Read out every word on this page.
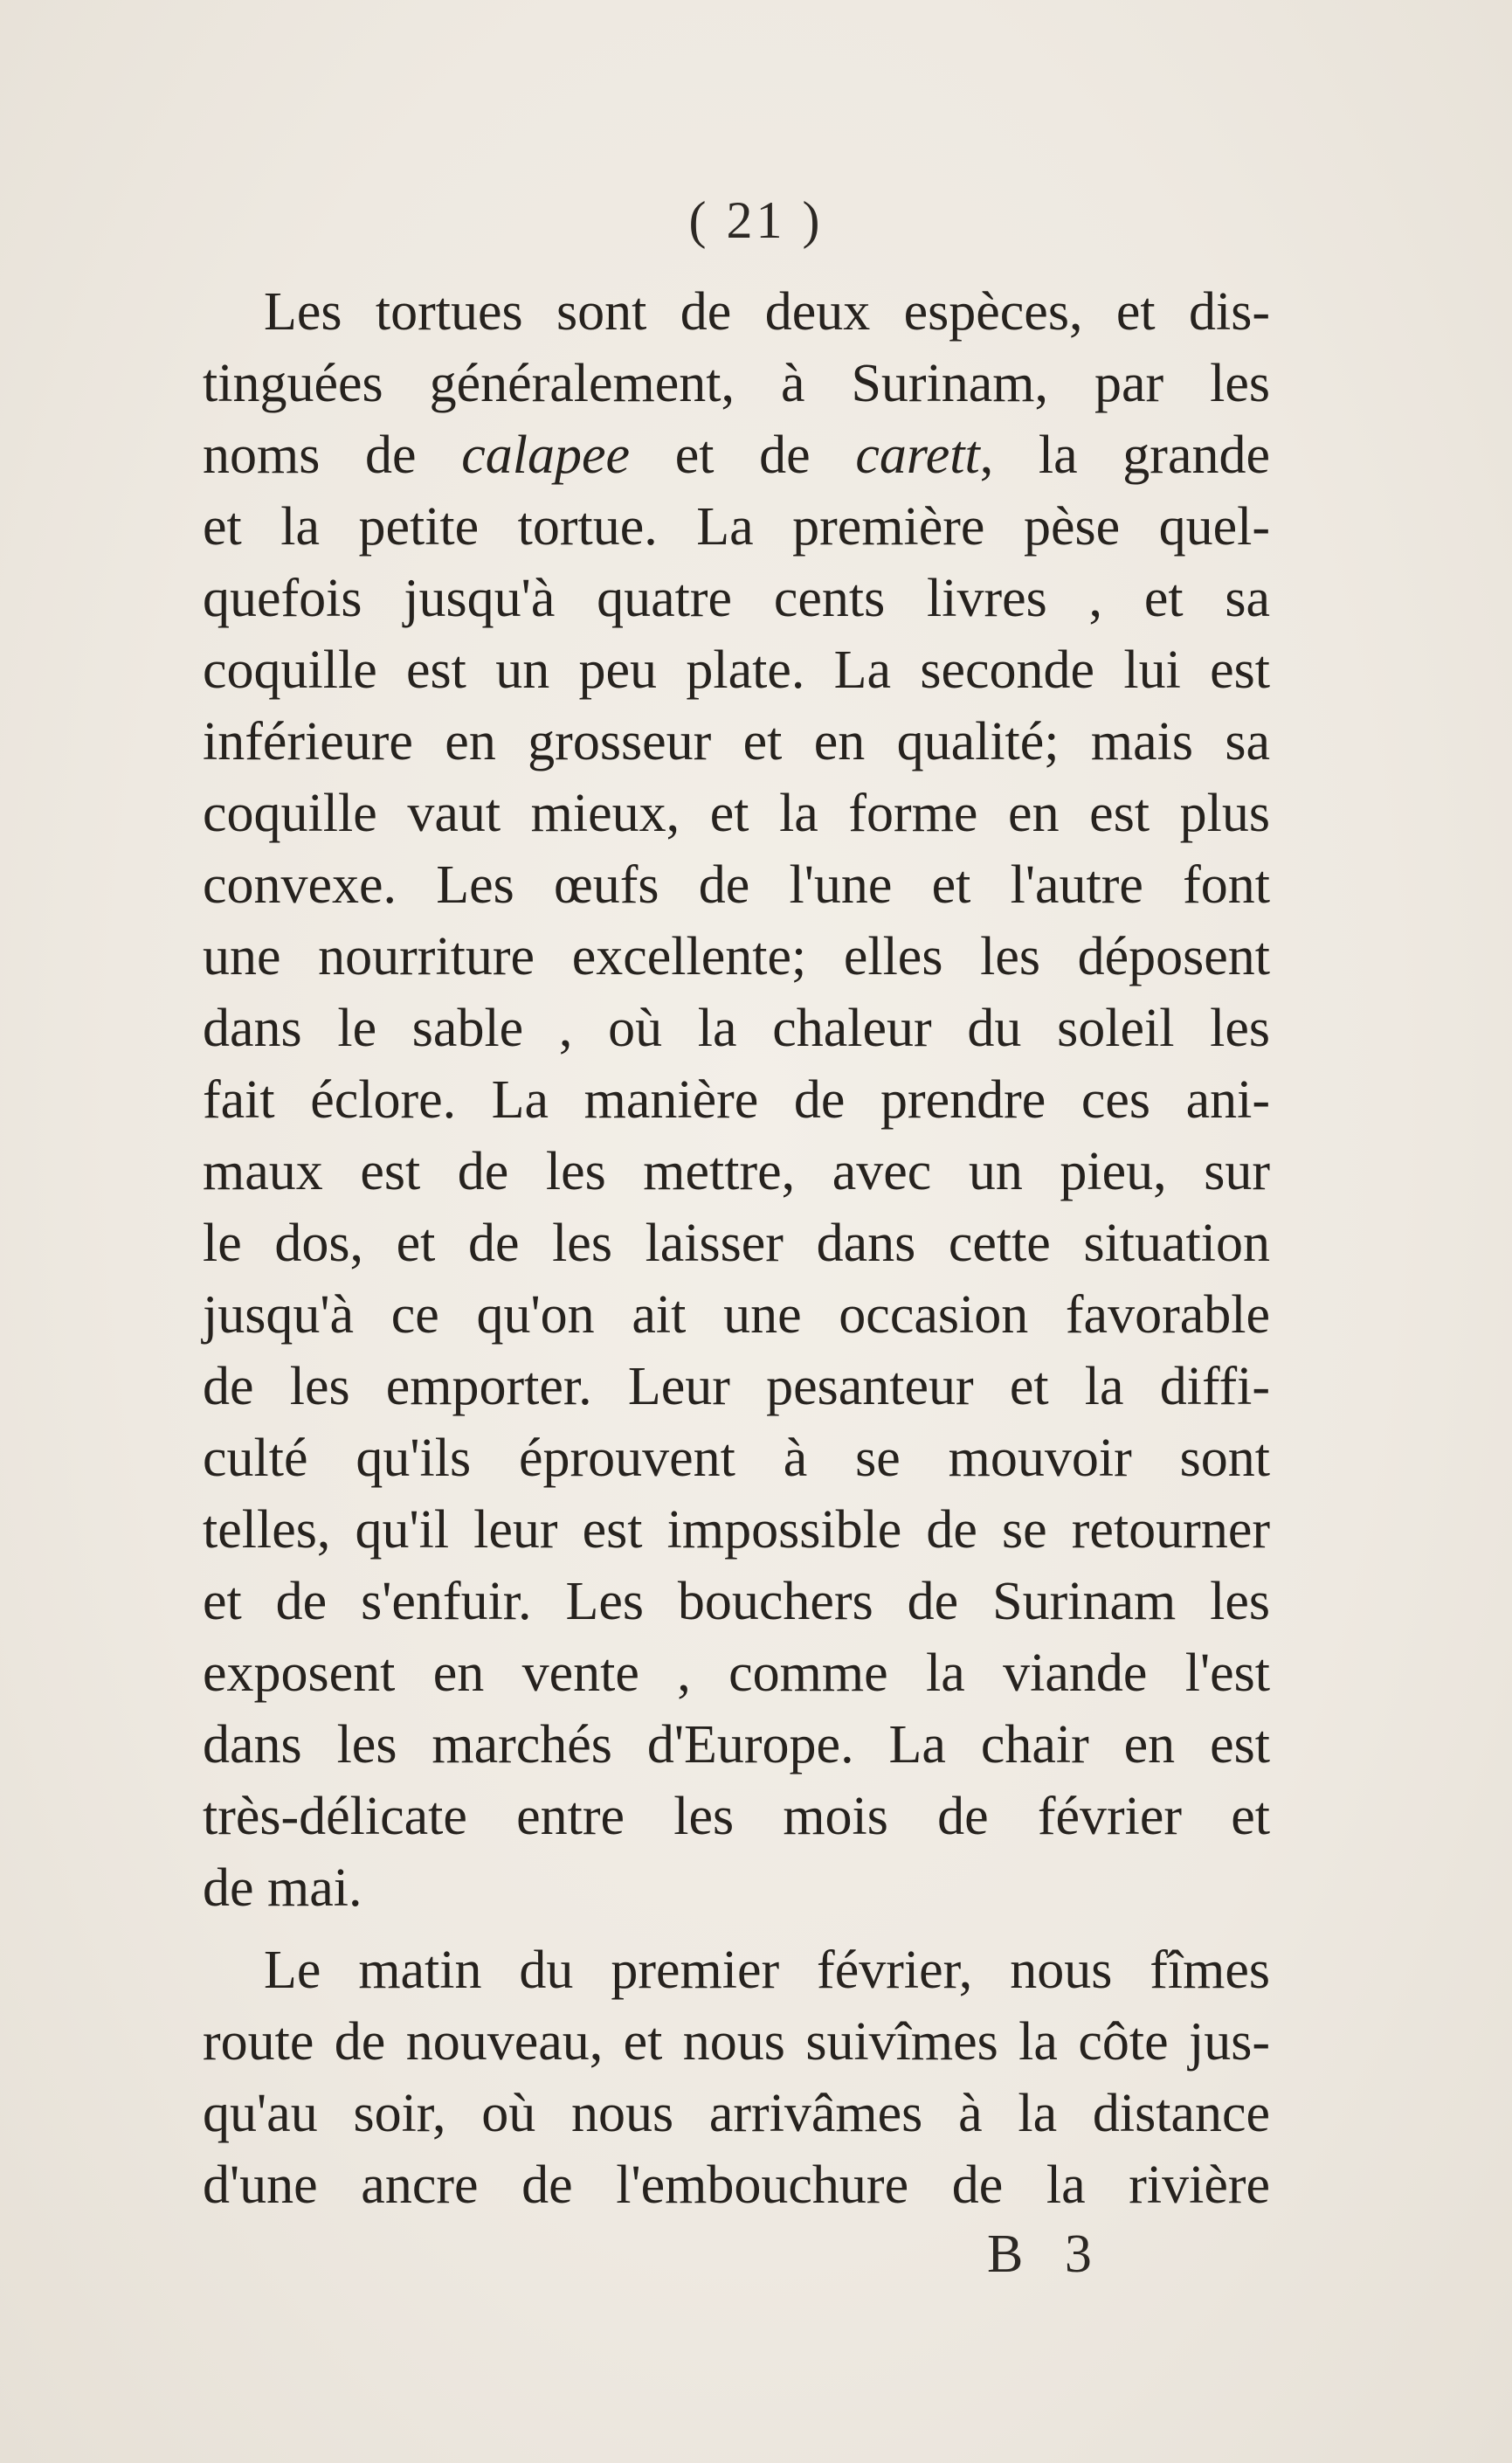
( 21 )
Les tortues sont de deux espèces, et dis-
tinguées généralement, à Surinam, par les
noms de calapee et de carett, la grande
et la petite tortue. La première pèse quel-
quefois jusqu'à quatre cents livres , et sa
coquille est un peu plate. La seconde lui est
inférieure en grosseur et en qualité; mais sa
coquille vaut mieux, et la forme en est plus
convexe. Les œufs de l'une et l'autre font
une nourriture excellente; elles les déposent
dans le sable , où la chaleur du soleil les
fait éclore. La manière de prendre ces ani-
maux est de les mettre, avec un pieu, sur
le dos, et de les laisser dans cette situation
jusqu'à ce qu'on ait une occasion favorable
de les emporter. Leur pesanteur et la diffi-
culté qu'ils éprouvent à se mouvoir sont
telles, qu'il leur est impossible de se retourner
et de s'enfuir. Les bouchers de Surinam les
exposent en vente , comme la viande l'est
dans les marchés d'Europe. La chair en est
très-délicate entre les mois de février et
de mai.
Le matin du premier février, nous fîmes
route de nouveau, et nous suivîmes la côte jus-
qu'au soir, où nous arrivâmes à la distance
d'une ancre de l'embouchure de la rivière
B 3
